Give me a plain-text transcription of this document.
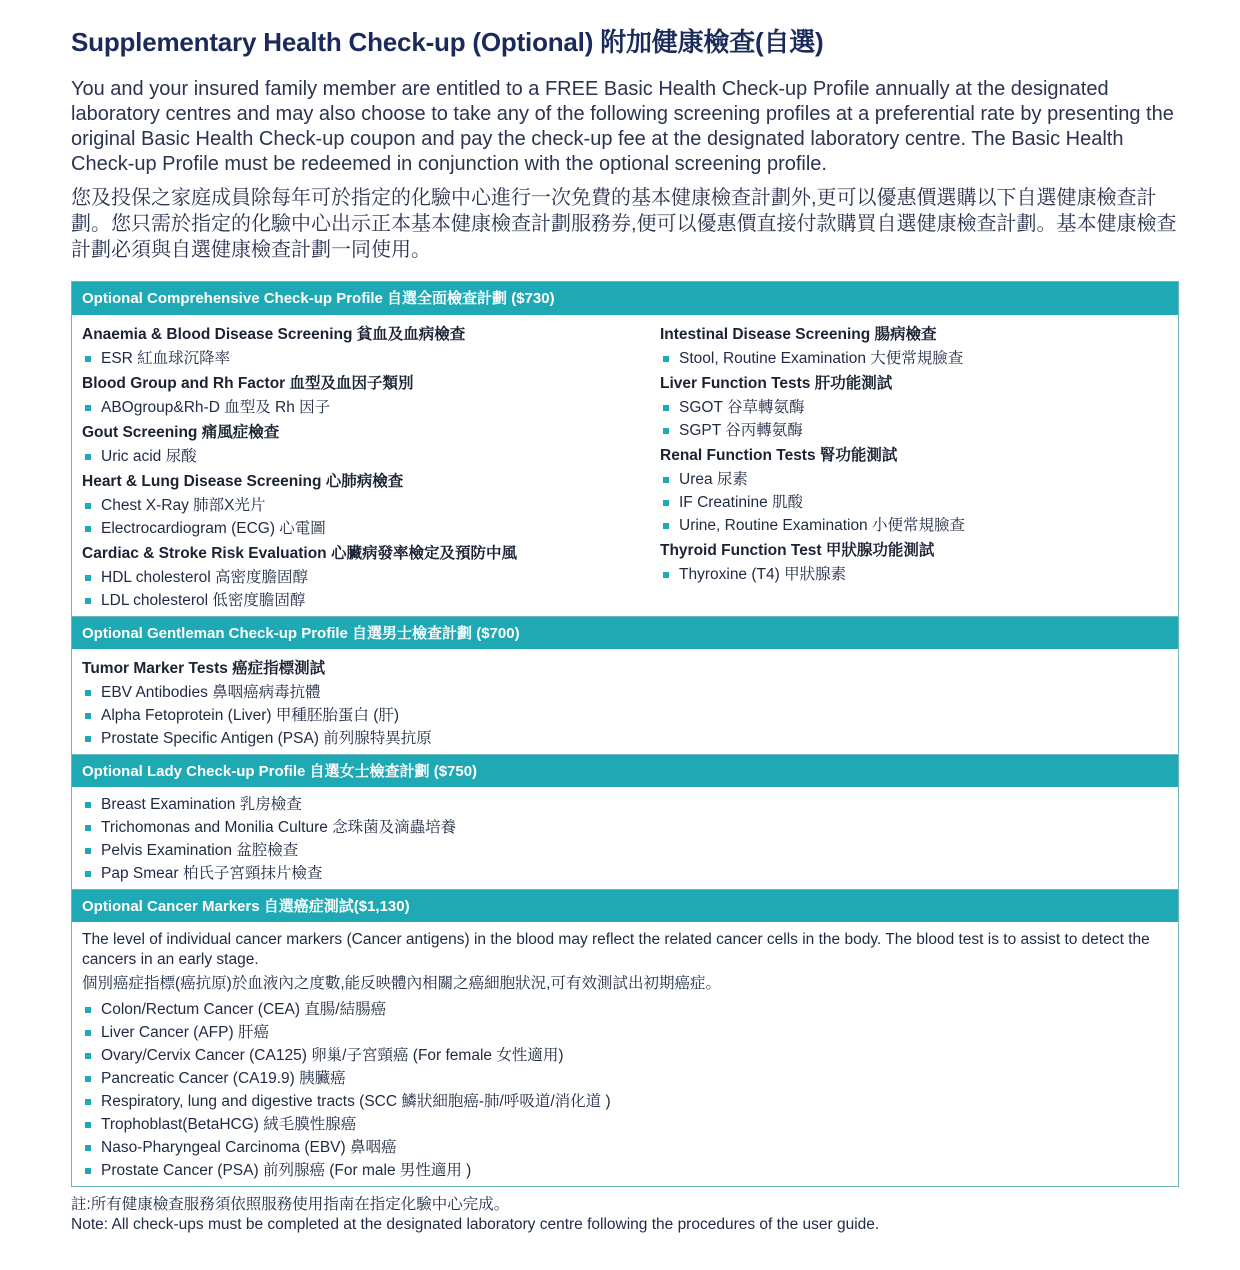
Supplementary Health Check-up (Optional) 附加健康檢查(自選)
You and your insured family member are entitled to a FREE Basic Health Check-up Profile annually at the designated laboratory centres and may also choose to take any of the following screening profiles at a preferential rate by presenting the original Basic Health Check-up coupon and pay the check-up fee at the designated laboratory centre. The Basic Health Check-up Profile must be redeemed in conjunction with the optional screening profile.
您及投保之家庭成員除每年可於指定的化驗中心進行一次免費的基本健康檢查計劃外,更可以優惠價選購以下自選健康檢查計劃。您只需於指定的化驗中心出示正本基本健康檢查計劃服務券,便可以優惠價直接付款購買自選健康檢查計劃。基本健康檢查計劃必須與自選健康檢查計劃一同使用。
Optional Comprehensive Check-up Profile 自選全面檢查計劃 ($730)
Anaemia & Blood Disease Screening 貧血及血病檢查
ESR 紅血球沉降率
Blood Group and Rh Factor 血型及血因子類別
ABOgroup&Rh-D 血型及 Rh 因子
Gout Screening 痛風症檢查
Uric acid 尿酸
Heart & Lung Disease Screening 心肺病檢查
Chest X-Ray 肺部X光片
Electrocardiogram (ECG) 心電圖
Cardiac & Stroke Risk Evaluation 心臟病發率檢定及預防中風
HDL cholesterol 高密度膽固醇
LDL cholesterol 低密度膽固醇
Intestinal Disease Screening 腸病檢查
Stool, Routine Examination 大便常規臉查
Liver Function Tests 肝功能測試
SGOT 谷草轉氨酶
SGPT 谷丙轉氨酶
Renal Function Tests 腎功能測試
Urea 尿素
IF Creatinine 肌酸
Urine, Routine Examination 小便常規臉查
Thyroid Function Test 甲狀腺功能測試
Thyroxine (T4) 甲狀腺素
Optional Gentleman Check-up Profile 自選男士檢查計劃 ($700)
Tumor Marker Tests 癌症指標測試
EBV Antibodies 鼻咽癌病毒抗體
Alpha Fetoprotein (Liver) 甲種胚胎蛋白 (肝)
Prostate Specific Antigen (PSA) 前列腺特異抗原
Optional Lady Check-up Profile 自選女士檢查計劃 ($750)
Breast Examination 乳房檢查
Trichomonas and Monilia Culture 念珠菌及滴蟲培養
Pelvis Examination 盆腔檢查
Pap Smear 柏氏子宮頸抹片檢查
Optional Cancer Markers 自選癌症測試($1,130)
The level of individual cancer markers (Cancer antigens) in the blood may reflect the related cancer cells in the body. The blood test is to assist to detect the cancers in an early stage.
個別癌症指標(癌抗原)於血液內之度數,能反映體內相關之癌細胞狀況,可有效測試出初期癌症。
Colon/Rectum Cancer (CEA) 直腸/結腸癌
Liver Cancer (AFP) 肝癌
Ovary/Cervix Cancer (CA125) 卵巢/子宮頸癌 (For female 女性適用)
Pancreatic Cancer (CA19.9) 胰臟癌
Respiratory, lung and digestive tracts (SCC 鱗狀細胞癌-肺/呼吸道/消化道 )
Trophoblast(BetaHCG) 絨毛膜性腺癌
Naso-Pharyngeal Carcinoma (EBV) 鼻咽癌
Prostate Cancer (PSA) 前列腺癌 (For male 男性適用 )
註:所有健康檢查服務須依照服務使用指南在指定化驗中心完成。
Note: All check-ups must be completed at the designated laboratory centre following the procedures of the user guide.
